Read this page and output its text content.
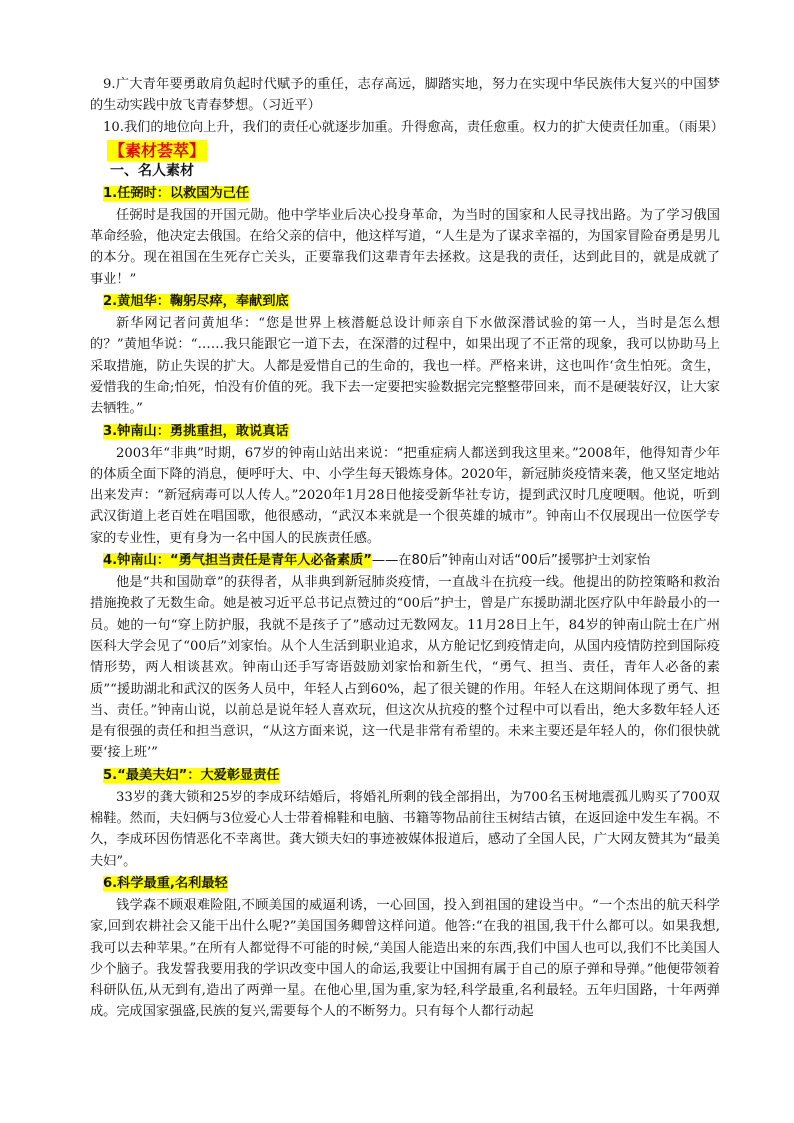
9.广大青年要勇敢肩负起时代赋予的重任，志存高远，脚踏实地，努力在实现中华民族伟大复兴的中国梦的生动实践中放飞青春梦想。（习近平）

10.我们的地位向上升，我们的责任心就逐步加重。升得愈高，责任愈重。权力的扩大使责任加重。（雨果）

【素材荟萃】
一、名人素材
1.任弼时：以救国为己任

任弼时是我国的开国元勋。他中学毕业后决心投身革命，为当时的国家和人民寻找出路。为了学习俄国革命经验，他决定去俄国。在给父亲的信中，他这样写道，“人生是为了谋求幸福的，为国家冒险奋勇是男儿的本分。现在祖国在生死存亡关头，正要靠我们这辈青年去拯救。这是我的责任，达到此目的，就是成就了事业！”

2.黄旭华：鞠躬尽瘁，奉献到底

新华网记者问黄旭华：“您是世界上核潜艇总设计师亲自下水做深潜试验的第一人，当时是怎么想的？”黄旭华说：“……我只能跟它一道下去，在深潜的过程中，如果出现了不正常的现象，我可以协助马上采取措施，防止失误的扩大。人都是爱惜自己的生命的，我也一样。严格来讲，这也叫作‘贪生怕死。贪生，爱惜我的生命;怕死，怕没有价值的死。我下去一定要把实验数据完完整整带回来，而不是硬装好汉，让大家去牺牲。”

3.钟南山：勇挑重担，敢说真话

2003年“非典”时期，67岁的钟南山站出来说：“把重症病人都送到我这里来。”2008年，他得知青少年的体质全面下降的消息，便呼吁大、中、小学生每天锻炼身体。2020年，新冠肺炎疫情来袭，他又坚定地站出来发声：“新冠病毒可以人传人。”2020年1月28日他接受新华社专访，提到武汉时几度哽咽。他说，听到武汉街道上老百姓在唱国歌，他很感动，“武汉本来就是一个很英雄的城市”。钟南山不仅展现出一位医学专家的专业性，更有身为一名中国人的民族责任感。

4.钟南山：“勇气担当责任是青年人必备素质”——在80后”钟南山对话“00后”援鄂护士刘家怡

他是“共和国勋章”的获得者，从非典到新冠肺炎疫情，一直战斗在抗疫一线。他提出的防控策略和救治措施挽救了无数生命。她是被习近平总书记点赞过的“00后”护士，曾是广东援助湖北医疗队中年龄最小的一员。她的一句“穿上防护服，我就不是孩子了”感动过无数网友。11月28日上午，84岁的钟南山院士在广州医科大学会见了“00后”刘家怡。从个人生活到职业追求，从方舱记忆到疫情走向，从国内疫情防控到国际疫情形势，两人相谈甚欢。钟南山还手写寄语鼓励刘家怡和新生代，“勇气、担当、责任，青年人必备的素质”“援助湖北和武汉的医务人员中，年轻人占到60%，起了很关键的作用。年轻人在这期间体现了勇气、担当、责任。”钟南山说，以前总是说年轻人喜欢玩，但这次从抗疫的整个过程中可以看出，绝大多数年轻人还是有很强的责任和担当意识，“从这方面来说，这一代是非常有希望的。未来主要还是年轻人的，你们很快就要‘接上班’”

5.“最美夫妇”：大爱彰显责任

33岁的龚大锁和25岁的李成环结婚后，将婚礼所剩的钱全部捐出，为700名玉树地震孤儿购买了700双棉鞋。然而，夫妇俩与3位爱心人士带着棉鞋和电脑、书籍等物品前往玉树结古镇，在返回途中发生车祸。不久，李成环因伤情恶化不幸离世。龚大锁夫妇的事迹被媒体报道后，感动了全国人民，广大网友赞其为“最美夫妇”。

6.科学最重,名利最轻

钱学森不顾艰难险阻,不顾美国的威逼利诱，一心回国，投入到祖国的建设当中。“一个杰出的航天科学家,回到农耕社会又能干出什么呢?”美国国务卿曾这样问道。他答:“在我的祖国,我干什么都可以。如果我想,我可以去种苹果。”在所有人都觉得不可能的时候,“美国人能造出来的东西,我们中国人也可以,我们不比美国人少个脑子。我发誓我要用我的学识改变中国人的命运,我要让中国拥有属于自己的原子弹和导弹。”他便带领着科研队伍,从无到有,造出了两弹一星。在他心里,国为重,家为轻,科学最重,名利最轻。五年归国路，十年两弹成。完成国家强盛,民族的复兴,需要每个人的不断努力。只有每个人都行动起
